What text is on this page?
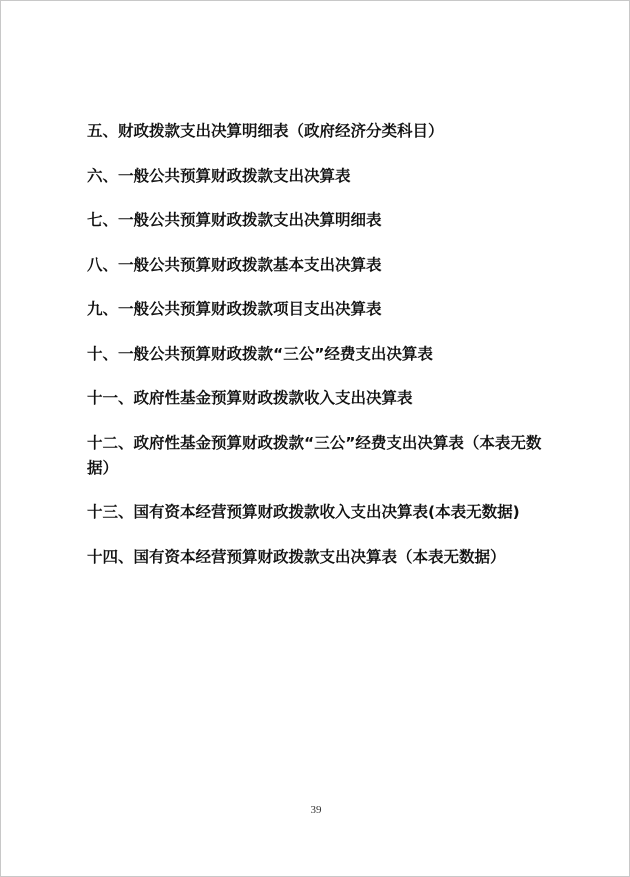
五、财政拨款支出决算明细表（政府经济分类科目）
六、一般公共预算财政拨款支出决算表
七、一般公共预算财政拨款支出决算明细表
八、一般公共预算财政拨款基本支出决算表
九、一般公共预算财政拨款项目支出决算表
十、一般公共预算财政拨款“三公”经费支出决算表
十一、政府性基金预算财政拨款收入支出决算表
十二、政府性基金预算财政拨款“三公”经费支出决算表（本表无数据）
十三、国有资本经营预算财政拨款收入支出决算表(本表无数据)
十四、国有资本经营预算财政拨款支出决算表（本表无数据）
39
